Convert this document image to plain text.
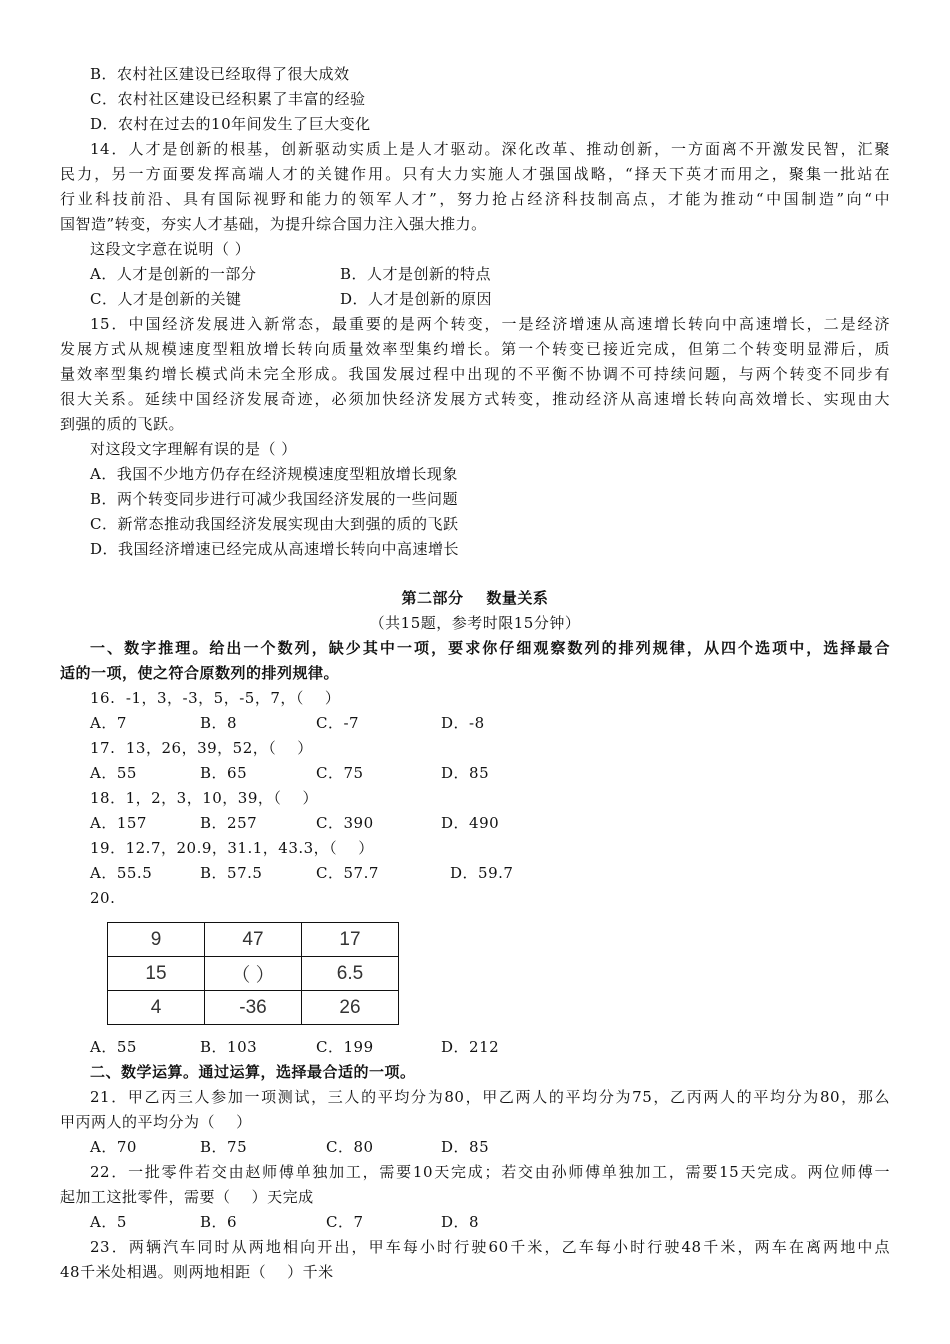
B．农村社区建设已经取得了很大成效
C．农村社区建设已经积累了丰富的经验
D．农村在过去的10年间发生了巨大变化
14．人才是创新的根基，创新驱动实质上是人才驱动。深化改革、推动创新，一方面离不开激发民智，汇聚
民力，另一方面要发挥高端人才的关键作用。只有大力实施人才强国战略，“择天下英才而用之，聚集一批站在
行业科技前沿、具有国际视野和能力的领军人才”，努力抢占经济科技制高点，才能为推动“中国制造”向“中
国智造”转变，夯实人才基础，为提升综合国力注入强大推力。
这段文字意在说明（ ）
A．人才是创新的一部分	B．人才是创新的特点
C．人才是创新的关键	D．人才是创新的原因
15．中国经济发展进入新常态，最重要的是两个转变，一是经济增速从高速增长转向中高速增长，二是经济
发展方式从规模速度型粗放增长转向质量效率型集约增长。第一个转变已接近完成，但第二个转变明显滞后，质
量效率型集约增长模式尚未完全形成。我国发展过程中出现的不平衡不协调不可持续问题，与两个转变不同步有
很大关系。延续中国经济发展奇迹，必须加快经济发展方式转变，推动经济从高速增长转向高效增长、实现由大
到强的质的飞跃。
对这段文字理解有误的是（ ）
A．我国不少地方仍存在经济规模速度型粗放增长现象
B．两个转变同步进行可减少我国经济发展的一些问题
C．新常态推动我国经济发展实现由大到强的质的飞跃
D．我国经济增速已经完成从高速增长转向中高速增长
第二部分    数量关系
（共15题，参考时限15分钟）
一、数字推理。给出一个数列，缺少其中一项，要求你仔细观察数列的排列规律，从四个选项中，选择最合
适的一项，使之符合原数列的排列规律。
16.  -1，3，-3，5，-5，7，（    ）
A．7	B．8	C．-7	D．-8
17.  13，26，39，52，（    ）
A．55	B．65	C．75	D．85
18．1，2，3，10，39，（    ）
A．157	B．257	C．390	D．490
19．12.7，20.9，31.1，43.3，（    ）
A．55.5	B．57.5	C．57.7	D．59.7
20.
9	47	17
15	（ ）	6.5
4	-36	26
A．55	B．103	C．199	D．212
二、数学运算。通过运算，选择最合适的一项。
21．甲乙丙三人参加一项测试，三人的平均分为80，甲乙两人的平均分为75，乙丙两人的平均分为80，那么
甲丙两人的平均分为（    ）
A．70	B．75	C．80	D．85
22．一批零件若交由赵师傅单独加工，需要10天完成；若交由孙师傅单独加工，需要15天完成。两位师傅一
起加工这批零件，需要（    ）天完成
A．5	B．6	C．7	D．8
23．两辆汽车同时从两地相向开出，甲车每小时行驶60千米，乙车每小时行驶48千米，两车在离两地中点
48千米处相遇。则两地相距（    ）千米
